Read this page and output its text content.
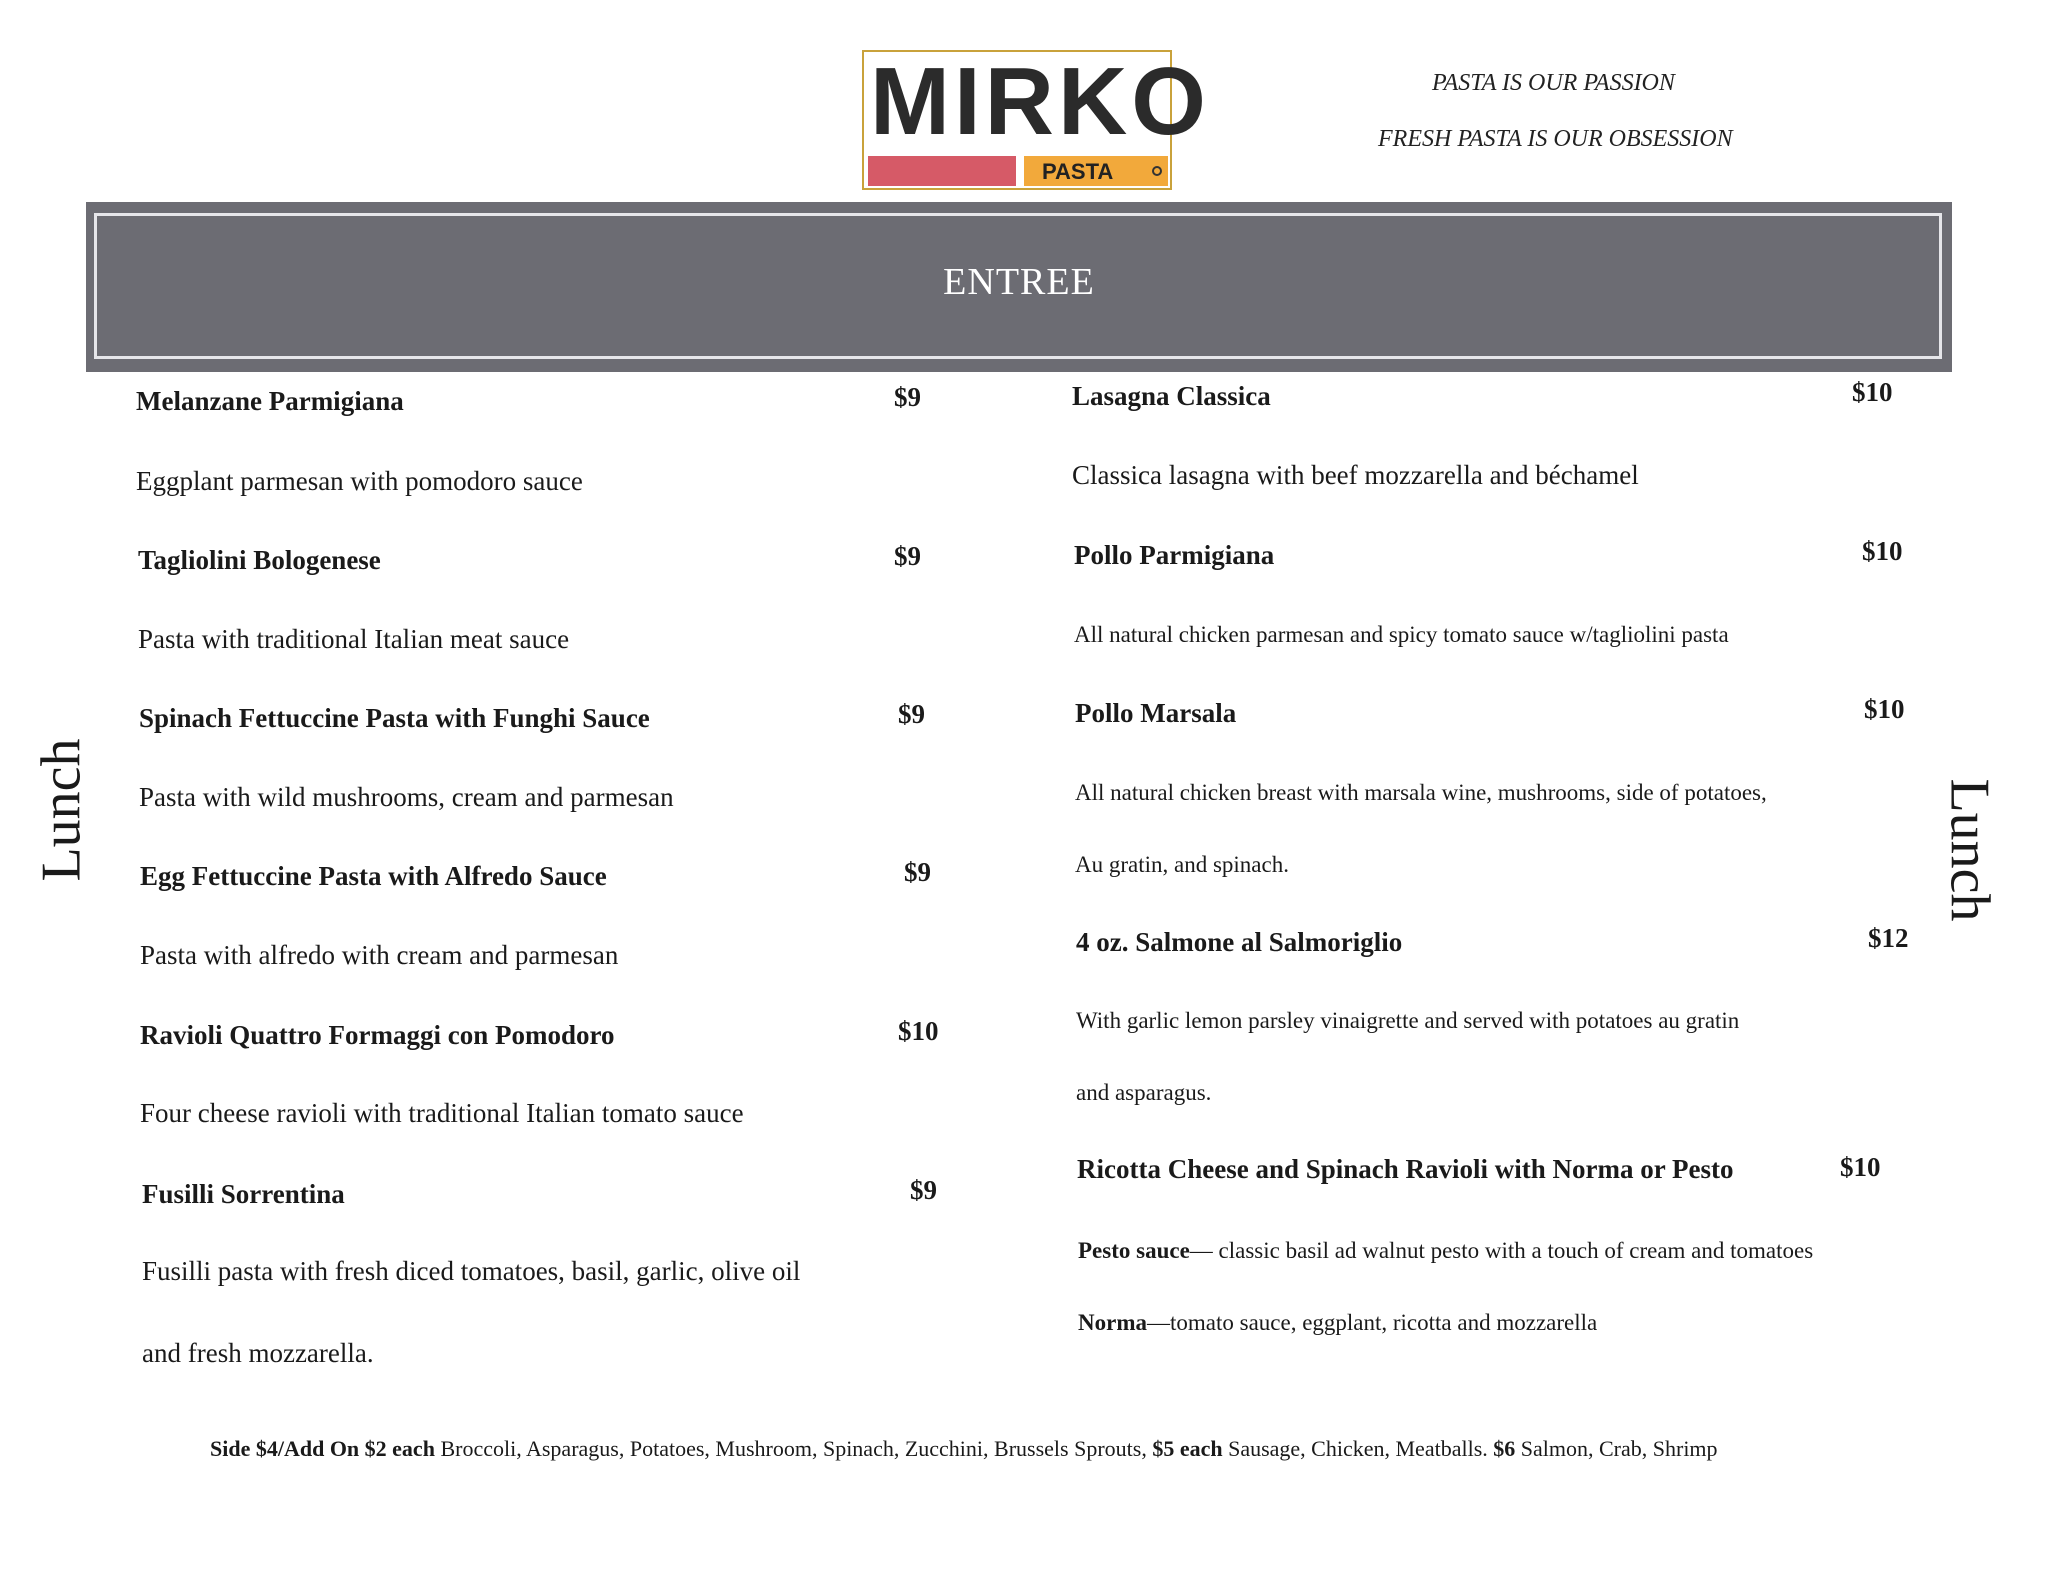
MIRKO
PASTA
PASTA IS OUR PASSION
FRESH PASTA IS OUR OBSESSION
ENTREE
Lunch	Lunch
Melanzane Parmigiana	$9
Eggplant parmesan with pomodoro sauce
Tagliolini Bologenese	$9
Pasta with traditional Italian meat sauce
Spinach Fettuccine Pasta with Funghi Sauce	$9
Pasta with wild mushrooms, cream and parmesan
Egg Fettuccine Pasta with Alfredo Sauce	$9
Pasta with alfredo with cream and parmesan
Ravioli Quattro Formaggi con Pomodoro	$10
Four cheese ravioli with traditional Italian tomato sauce
Fusilli Sorrentina	$9
Fusilli pasta with fresh diced tomatoes, basil, garlic, olive oil
and fresh mozzarella.
Lasagna Classica	$10
Classica lasagna with beef mozzarella and béchamel
Pollo Parmigiana	$10
All natural chicken parmesan and spicy tomato sauce w/tagliolini pasta
Pollo Marsala	$10
All natural chicken breast with marsala wine, mushrooms, side of potatoes,
Au gratin, and spinach.
4 oz. Salmone al Salmoriglio	$12
With garlic lemon parsley vinaigrette and served with potatoes au gratin
and asparagus.
Ricotta Cheese and Spinach Ravioli with Norma or Pesto	$10
Pesto sauce— classic basil ad walnut pesto with a touch of cream and tomatoes
Norma—tomato sauce, eggplant, ricotta and mozzarella
Side $4/Add On $2 each Broccoli, Asparagus, Potatoes, Mushroom, Spinach, Zucchini, Brussels Sprouts, $5 each Sausage, Chicken, Meatballs. $6 Salmon, Crab, Shrimp
